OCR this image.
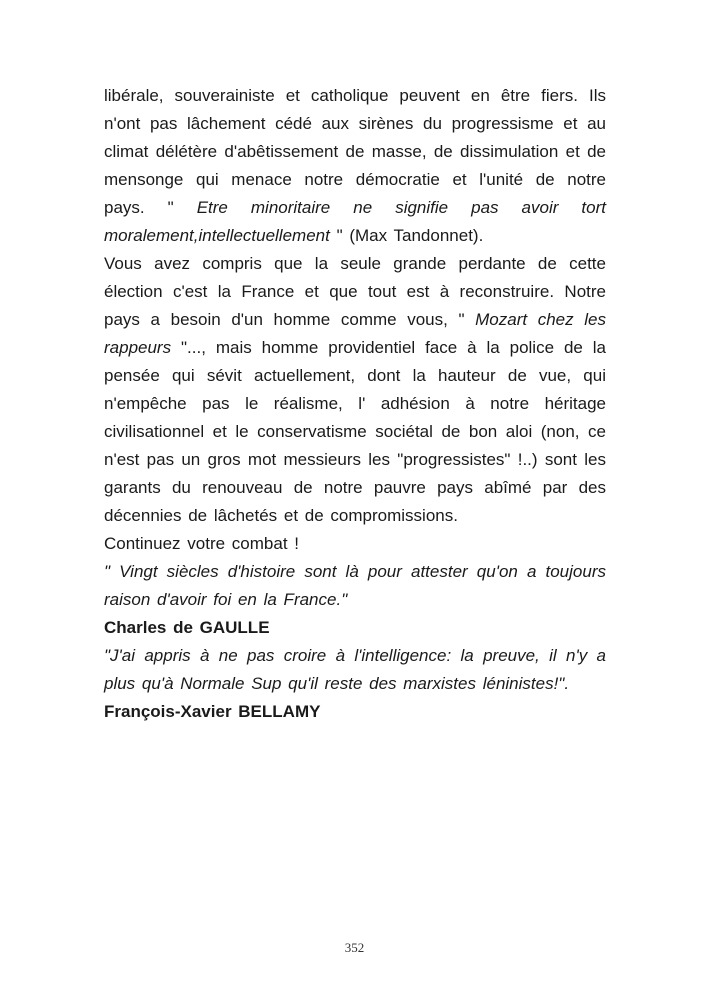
libérale, souverainiste et catholique peuvent en être fiers. Ils n'ont pas lâchement cédé aux sirènes du progressisme et au climat délétère d'abêtissement de masse, de dissimulation et de mensonge qui menace notre démocratie et l'unité de notre pays. " Etre minoritaire ne signifie pas avoir tort moralement,intellectuellement " (Max Tandonnet).

Vous avez compris que la seule grande perdante de cette élection c'est la France et que tout est à reconstruire. Notre pays a besoin d'un homme comme vous, " Mozart chez les rappeurs "..., mais homme providentiel face à la police de la pensée qui sévit actuellement, dont la hauteur de vue, qui n'empêche pas le réalisme, l' adhésion à notre héritage civilisationnel et le conservatisme sociétal de bon aloi (non, ce n'est pas un gros mot messieurs les "progressistes" !..) sont les garants du renouveau de notre pauvre pays abîmé par des décennies de lâchetés et de compromissions.

Continuez votre combat !

" Vingt siècles d'histoire sont là pour attester qu'on a toujours raison d'avoir foi en la France."

Charles de GAULLE

"J'ai appris à ne pas croire à l'intelligence: la preuve, il n'y a plus qu'à Normale Sup qu'il reste des marxistes léninistes!".

François-Xavier BELLAMY

352
